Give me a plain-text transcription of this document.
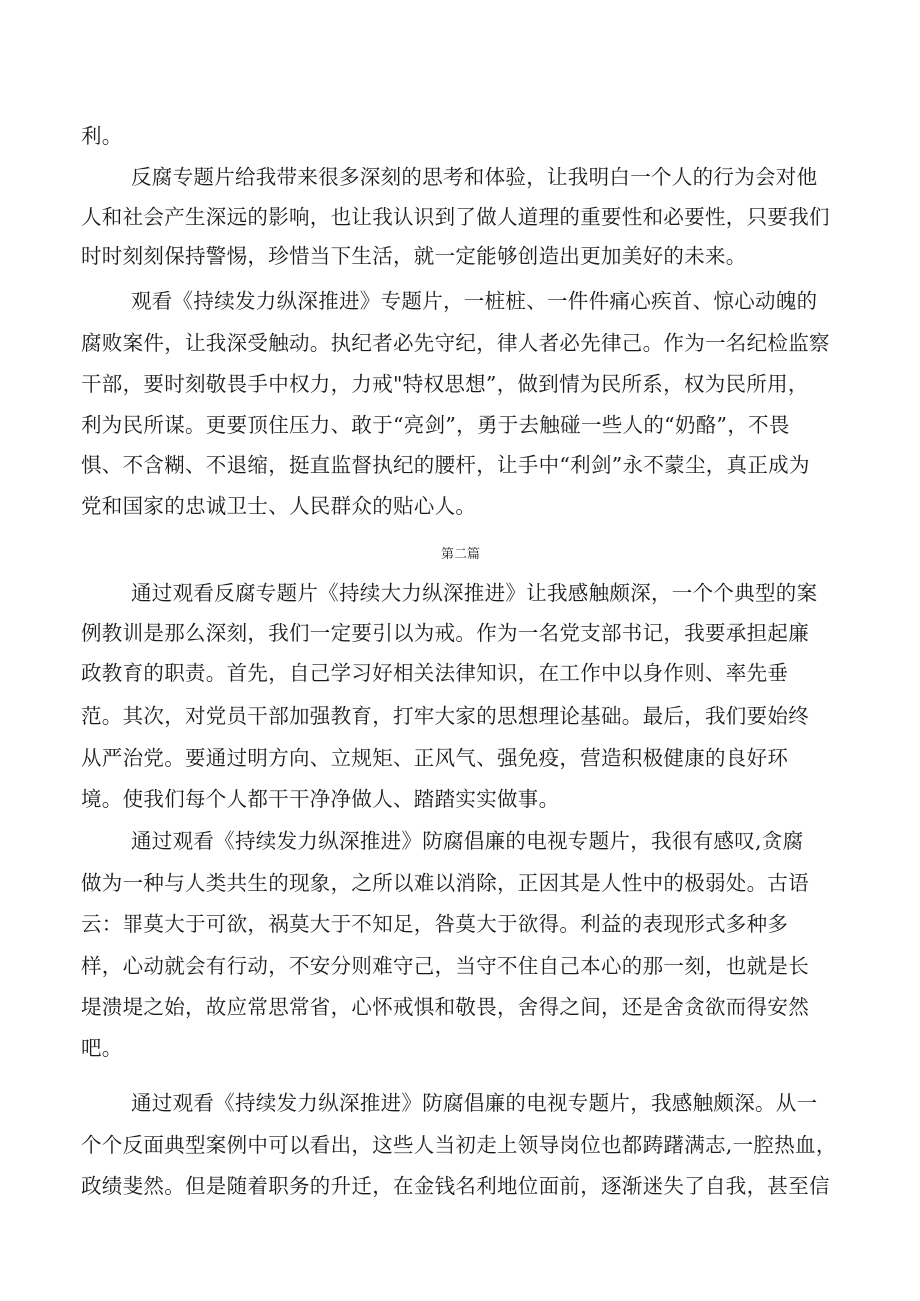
利。
反腐专题片给我带来很多深刻的思考和体验，让我明白一个人的行为会对他
人和社会产生深远的影响，也让我认识到了做人道理的重要性和必要性，只要我们
时时刻刻保持警惕，珍惜当下生活，就一定能够创造出更加美好的未来。
观看《持续发力纵深推进》专题片，一桩桩、一件件痛心疾首、惊心动魄的
腐败案件，让我深受触动。执纪者必先守纪，律人者必先律己。作为一名纪检监察
干部，要时刻敬畏手中权力，力戒"特权思想”，做到情为民所系，权为民所用，
利为民所谋。更要顶住压力、敢于“亮剑”，勇于去触碰一些人的“奶酪”，不畏
惧、不含糊、不退缩，挺直监督执纪的腰杆，让手中“利剑”永不蒙尘，真正成为
党和国家的忠诚卫士、人民群众的贴心人。
第二篇
通过观看反腐专题片《持续大力纵深推进》让我感触颇深，一个个典型的案
例教训是那么深刻，我们一定要引以为戒。作为一名党支部书记，我要承担起廉
政教育的职责。首先，自己学习好相关法律知识，在工作中以身作则、率先垂
范。其次，对党员干部加强教育，打牢大家的思想理论基础。最后，我们要始终
从严治党。要通过明方向、立规矩、正风气、强免疫，营造积极健康的良好环
境。使我们每个人都干干净净做人、踏踏实实做事。
通过观看《持续发力纵深推进》防腐倡廉的电视专题片，我很有感叹,贪腐
做为一种与人类共生的现象，之所以难以消除，正因其是人性中的极弱处。古语
云：罪莫大于可欲，祸莫大于不知足，咎莫大于欲得。利益的表现形式多种多
样，心动就会有行动，不安分则难守己，当守不住自己本心的那一刻，也就是长
堤溃堤之始，故应常思常省，心怀戒惧和敬畏，舍得之间，还是舍贪欲而得安然
吧。
通过观看《持续发力纵深推进》防腐倡廉的电视专题片，我感触颇深。从一
个个反面典型案例中可以看出，这些人当初走上领导岗位也都踌躇满志,一腔热血，
政绩斐然。但是随着职务的升迁，在金钱名利地位面前，逐渐迷失了自我，甚至信
